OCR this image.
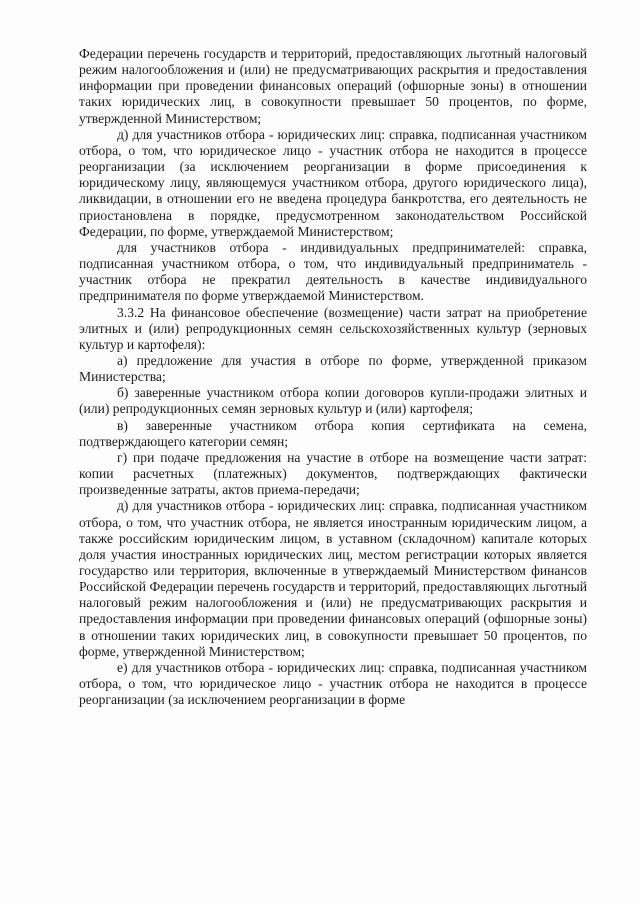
Федерации перечень государств и территорий, предоставляющих льготный налоговый режим налогообложения и (или) не предусматривающих раскрытия и предоставления информации при проведении финансовых операций (офшорные зоны) в отношении таких юридических лиц, в совокупности превышает 50 процентов, по форме, утвержденной Министерством;

д) для участников отбора - юридических лиц: справка, подписанная участником отбора, о том, что юридическое лицо - участник отбора не находится в процессе реорганизации (за исключением реорганизации в форме присоединения к юридическому лицу, являющемуся участником отбора, другого юридического лица), ликвидации, в отношении его не введена процедура банкротства, его деятельность не приостановлена в порядке, предусмотренном законодательством Российской Федерации, по форме, утверждаемой Министерством;

для участников отбора - индивидуальных предпринимателей: справка, подписанная участником отбора, о том, что индивидуальный предприниматель - участник отбора не прекратил деятельность в качестве индивидуального предпринимателя по форме утверждаемой Министерством.

3.3.2 На финансовое обеспечение (возмещение) части затрат на приобретение элитных и (или) репродукционных семян сельскохозяйственных культур (зерновых культур и картофеля):

а) предложение для участия в отборе по форме, утвержденной приказом Министерства;

б) заверенные участником отбора копии договоров купли-продажи элитных и (или) репродукционных семян зерновых культур и (или) картофеля;

в) заверенные участником отбора копия сертификата на семена, подтверждающего категории семян;

г) при подаче предложения на участие в отборе на возмещение части затрат: копии расчетных (платежных) документов, подтверждающих фактически произведенные затраты, актов приема-передачи;

д) для участников отбора - юридических лиц: справка, подписанная участником отбора, о том, что участник отбора, не является иностранным юридическим лицом, а также российским юридическим лицом, в уставном (складочном) капитале которых доля участия иностранных юридических лиц, местом регистрации которых является государство или территория, включенные в утверждаемый Министерством финансов Российской Федерации перечень государств и территорий, предоставляющих льготный налоговый режим налогообложения и (или) не предусматривающих раскрытия и предоставления информации при проведении финансовых операций (офшорные зоны) в отношении таких юридических лиц, в совокупности превышает 50 процентов, по форме, утвержденной Министерством;

е) для участников отбора - юридических лиц: справка, подписанная участником отбора, о том, что юридическое лицо - участник отбора не находится в процессе реорганизации (за исключением реорганизации в форме
